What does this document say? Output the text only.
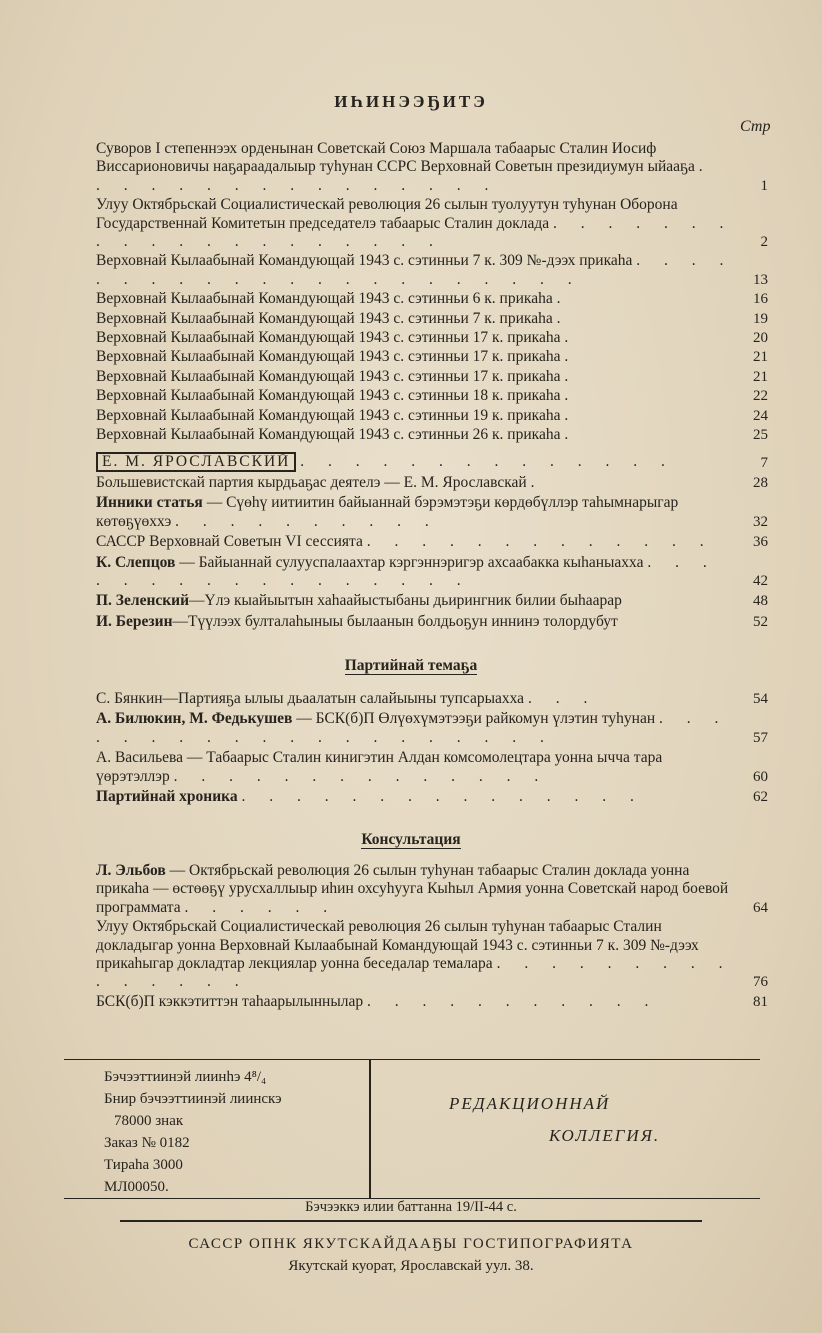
ИҺИНЭЭҔИТЭ
Стр
Суворов I степеннээх орденынан Советскай Союз Маршала табаарыс Сталин Иосиф Виссарионовичы наҕараадалыыр туһунан ССРС Верховнай Советын президиумун ыйааҕа . . . . . . . . . . . . . . . .	1
Улуу Октябрьскай Социалистическай революция 26 сылын туолуутун туһунан Оборона Государственнай Комитетын председателэ табаарыс Сталин доклада . . . . . . . . . . . . . . . . . . . .	2
Верховнай Кылаабынай Командующай 1943 с. сэтинньи 7 к. 309 №-дээх прикаһа . . . . . . . . . . . . . . . . . . . . . .	13
Верховнай Кылаабынай Командующай 1943 с. сэтинньи 6 к. прикаһа .	16
Верховнай Кылаабынай Командующай 1943 с. сэтинньи 7 к. прикаһа .	19
Верховнай Кылаабынай Командующай 1943 с. сэтинньи 17 к. прикаһа .	20
Верховнай Кылаабынай Командующай 1943 с. сэтинньи 17 к. прикаһа .	21
Верховнай Кылаабынай Командующай 1943 с. сэтинньи 17 к. прикаһа .	21
Верховнай Кылаабынай Командующай 1943 с. сэтинньи 18 к. прикаһа .	22
Верховнай Кылаабынай Командующай 1943 с. сэтинньи 19 к. прикаһа .	24
Верховнай Кылаабынай Командующай 1943 с. сэтинньи 26 к. прикаһа .	25
Е. М. ЯРОСЛАВСКИЙ . . . . . . . . . . . . . .	7
Большевистскай партия кырдьаҕас деятелэ — Е. М. Ярославскай .	28
Инники статья — Сүөһү иитиитин байыаннай бэрэмэтэҕи көрдөбүллэр таһымнарыгар көтөҕүөххэ . . . . . . . . . .	32
САССР Верховнай Советын VI сессията . . . . . . . . . . . . .	36
К. Слепцов — Байыаннай сулууспалаахтар кэргэннэригэр ахсаабакка кыһаныахха . . . . . . . . . . . . . . . . .	42
П. Зеленский—Үлэ кыайыытын хаһаайыстыбаны дьирингник билии быһаарар	48
И. Березин—Түүлээх булталаһыныы былаанын болдьоҕун иннинэ толордубут	52
Партийнай темаҕа
С. Бянкин—Партияҕа ылыы дьаалатын салайыыны тупсарыахха . . .	54
А. Билюкин, М. Федькушев — БСК(б)П Өлүөхүмэтээҕи райкомун үлэтин туһунан . . . . . . . . . . . . . . . . . . . .	57
А. Васильева — Табаарыс Сталин кинигэтин Алдан комсомолецтара уонна ычча тара үөрэтэллэр . . . . . . . . . . . . . .	60
Партийнай хроника . . . . . . . . . . . . . . .	62
Консультация
Л. Эльбов — Октябрьскай революция 26 сылын туһунан табаарыс Сталин доклада уонна прикаһа — өстөөҕү урусхаллыыр иһин охсуһууга Кыһыл Армия уонна Советскай народ боевой программата . . . . . .	64
Улуу Октябрьскай Социалистическай революция 26 сылын туһунан табаарыс Сталин докладыгар уонна Верховнай Кылаабынай Командующай 1943 с. сэтинньи 7 к. 309 №-дээх прикаһыгар докладтар лекциялар уонна беседалар темалара . . . . . . . . . . . . . . .	76
БСК(б)П кэккэтиттэн таһаарылыннылар . . . . . . . . . . .	81
Бэчээттиинэй лиинһэ 4⁸/₄
Бнир бэчээттиинэй лиинскэ
78000 знак
Заказ № 0182
Тираһа 3000
МЛ00050.
РЕДАКЦИОННАЙ
КОЛЛЕГИЯ.
Бэчээккэ илии баттанна 19/II-44 с.
САССР ОПНК ЯКУТСКАЙДААҔЫ ГОСТИПОГРАФИЯТА
Якутскай куорат, Ярославскай уул. 38.
